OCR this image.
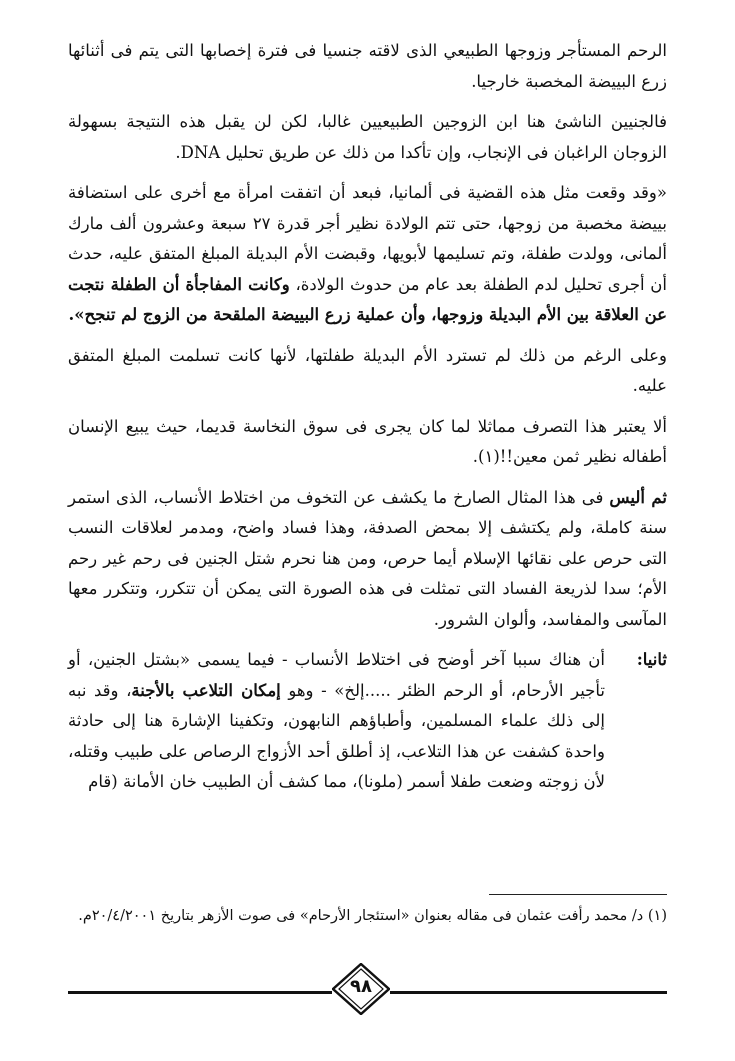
الرحم المستأجر وزوجها الطبيعي الذى لاقته جنسيا فى فترة إخصابها التى يتم فى أثنائها زرع البييضة المخصبة خارجيا.

فالجنيين الناشئ هنا ابن الزوجين الطبيعيين غالبا، لكن لن يقبل هذه النتيجة بسهولة الزوجان الراغبان فى الإنجاب، وإن تأكدا من ذلك عن طريق تحليل DNA.

«وقد وقعت مثل هذه القضية فى ألمانيا، فبعد أن اتفقت امرأة مع أخرى على استضافة بييضة مخصبة من زوجها، حتى تتم الولادة نظير أجر قدرة ٢٧ سبعة وعشرون ألف مارك ألمانى، وولدت طفلة، وتم تسليمها لأبويها، وقبضت الأم البديلة المبلغ المتفق عليه، حدث أن أجرى تحليل لدم الطفلة بعد عام من حدوث الولادة، وكانت المفاجأة أن الطفلة نتجت عن العلاقة بين الأم البديلة وزوجها، وأن عملية زرع البييضة الملقحة من الزوج لم تنجح».

وعلى الرغم من ذلك لم تسترد الأم البديلة طفلتها، لأنها كانت تسلمت المبلغ المتفق عليه.

ألا يعتبر هذا التصرف مماثلا لما كان يجرى فى سوق النخاسة قديما، حيث يبيع الإنسان أطفاله نظير ثمن معين!!(١).

ثم أليس فى هذا المثال الصارخ ما يكشف عن التخوف من اختلاط الأنساب، الذى استمر سنة كاملة، ولم يكتشف إلا بمحض الصدفة، وهذا فساد واضح، ومدمر لعلاقات النسب التى حرص على نقائها الإسلام أيما حرص، ومن هنا نحرم شتل الجنين فى رحم غير رحم الأم؛ سدا لذريعة الفساد التى تمثلت فى هذه الصورة التى يمكن أن تتكرر، وتتكرر معها المآسى والمفاسد، وألوان الشرور.

ثانيا:
أن هناك سببا آخر أوضح فى اختلاط الأنساب - فيما يسمى «بشتل الجنين، أو تأجير الأرحام، أو الرحم الظئر .....إلخ» - وهو إمكان التلاعب بالأجنة، وقد نبه إلى ذلك علماء المسلمين، وأطباؤهم النابهون، وتكفينا الإشارة هنا إلى حادثة واحدة كشفت عن هذا التلاعب، إذ أطلق أحد الأزواج الرصاص على طبيب وقتله، لأن زوجته وضعت طفلا أسمر (ملونا)، مما كشف أن الطبيب خان الأمانة (قام

(١) د/ محمد رأفت عثمان فى مقاله بعنوان «استئجار الأرحام» فى صوت الأزهر بتاريخ ٢٠/٤/٢٠٠١م.
٩٨
